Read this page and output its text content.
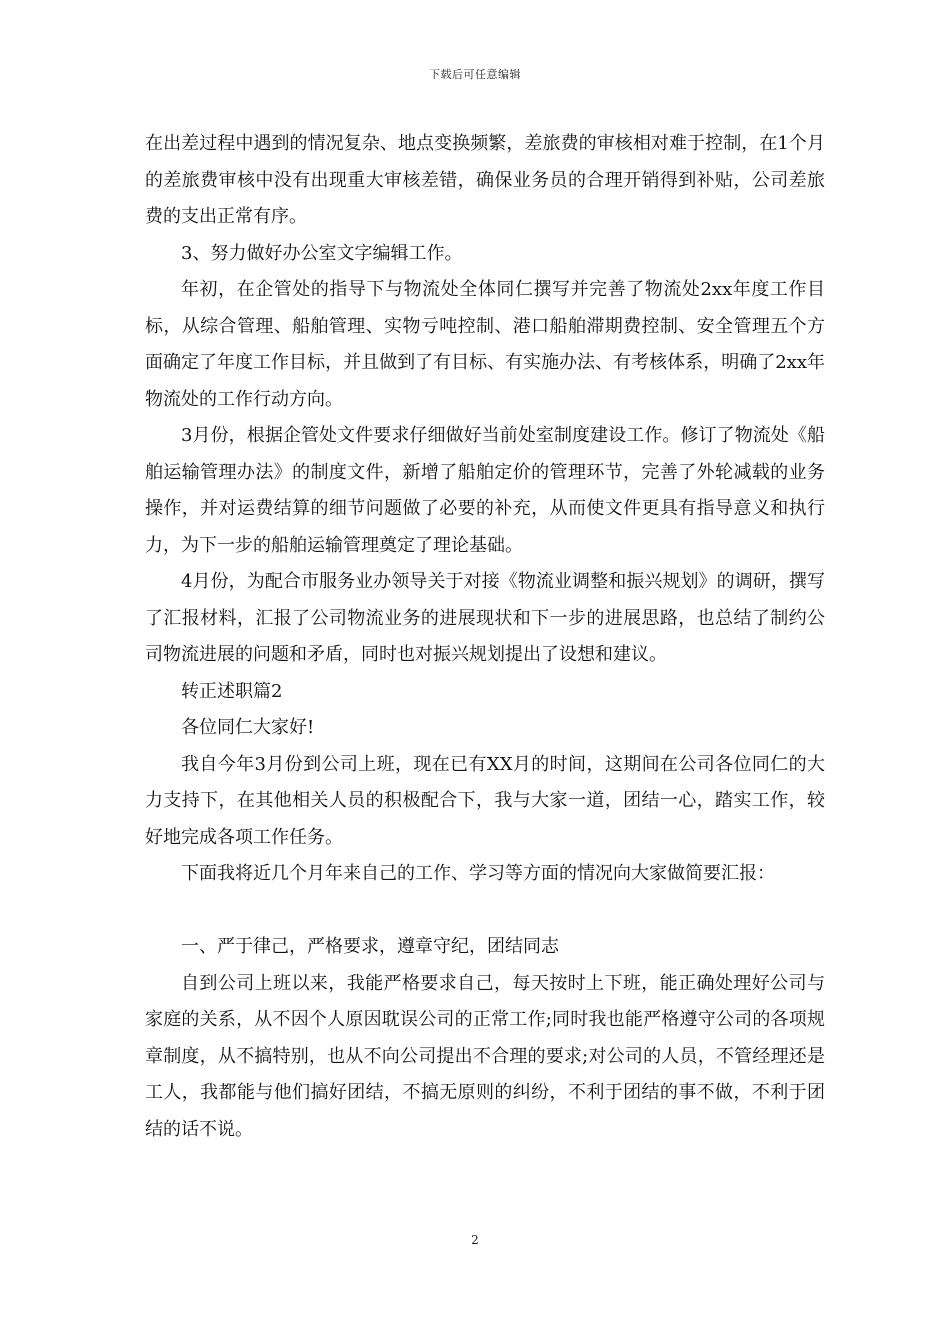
下载后可任意编辑

在出差过程中遇到的情况复杂、地点变换频繁，差旅费的审核相对难于控制，在1个月的差旅费审核中没有出现重大审核差错，确保业务员的合理开销得到补贴，公司差旅费的支出正常有序。

3、努力做好办公室文字编辑工作。

年初，在企管处的指导下与物流处全体同仁撰写并完善了物流处2xx年度工作目标，从综合管理、船舶管理、实物亏吨控制、港口船舶滞期费控制、安全管理五个方面确定了年度工作目标，并且做到了有目标、有实施办法、有考核体系，明确了2xx年物流处的工作行动方向。

3月份，根据企管处文件要求仔细做好当前处室制度建设工作。修订了物流处《船舶运输管理办法》的制度文件，新增了船舶定价的管理环节，完善了外轮减载的业务操作，并对运费结算的细节问题做了必要的补充，从而使文件更具有指导意义和执行力，为下一步的船舶运输管理奠定了理论基础。

4月份，为配合市服务业办领导关于对接《物流业调整和振兴规划》的调研，撰写了汇报材料，汇报了公司物流业务的进展现状和下一步的进展思路，也总结了制约公司物流进展的问题和矛盾，同时也对振兴规划提出了设想和建议。

转正述职篇2

各位同仁大家好!

我自今年3月份到公司上班，现在已有XX月的时间，这期间在公司各位同仁的大力支持下，在其他相关人员的积极配合下，我与大家一道，团结一心，踏实工作，较好地完成各项工作任务。

下面我将近几个月年来自己的工作、学习等方面的情况向大家做简要汇报：

一、严于律己，严格要求，遵章守纪，团结同志

自到公司上班以来，我能严格要求自己，每天按时上下班，能正确处理好公司与家庭的关系，从不因个人原因耽误公司的正常工作;同时我也能严格遵守公司的各项规章制度，从不搞特别，也从不向公司提出不合理的要求;对公司的人员，不管经理还是工人，我都能与他们搞好团结，不搞无原则的纠纷，不利于团结的事不做，不利于团结的话不说。

2
